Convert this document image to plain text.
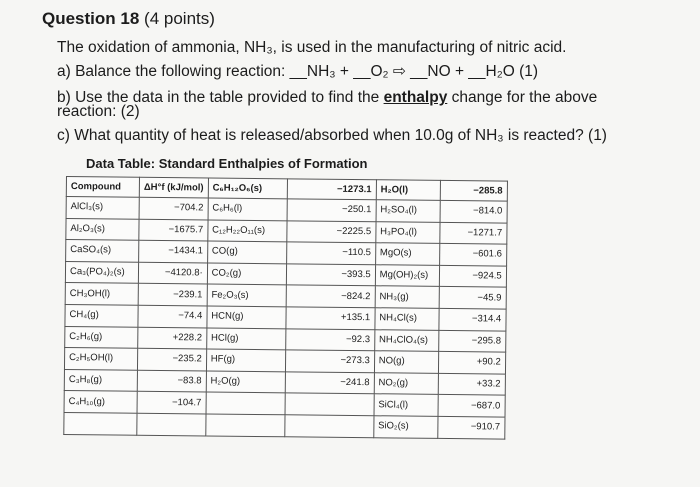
Question 18 (4 points)
The oxidation of ammonia, NH₃, is used in the manufacturing of nitric acid.
a) Balance the following reaction: __NH₃ + __O₂ ⇨ __NO + __H₂O (1)
b) Use the data in the table provided to find the enthalpy change for the above
reaction: (2)
c) What quantity of heat is released/absorbed when 10.0g of NH₃ is reacted? (1)
Data Table: Standard Enthalpies of Formation
Compound	ΔH°f (kJ/mol)	C₆H₁₂O₆(s)	−1273.1	H₂O(l)	−285.8
AlCl₃(s)	−704.2	C₆H₆(l)	−250.1	H₂SO₄(l)	−814.0
Al₂O₃(s)	−1675.7	C₁₂H₂₂O₁₁(s)	−2225.5	H₃PO₄(l)	−1271.7
CaSO₄(s)	−1434.1	CO(g)	−110.5	MgO(s)	−601.6
Ca₃(PO₄)₂(s)	−4120.8·	CO₂(g)	−393.5	Mg(OH)₂(s)	−924.5
CH₃OH(l)	−239.1	Fe₂O₃(s)	−824.2	NH₃(g)	−45.9
CH₄(g)	−74.4	HCN(g)	+135.1	NH₄Cl(s)	−314.4
C₂H₆(g)	+228.2	HCl(g)	−92.3	NH₄ClO₄(s)	−295.8
C₂H₅OH(l)	−235.2	HF(g)	−273.3	NO(g)	+90.2
C₃H₈(g)	−83.8	H₂O(g)	−241.8	NO₂(g)	+33.2
C₄H₁₀(g)	−104.7			SiCl₄(l)	−687.0
				SiO₂(s)	−910.7
